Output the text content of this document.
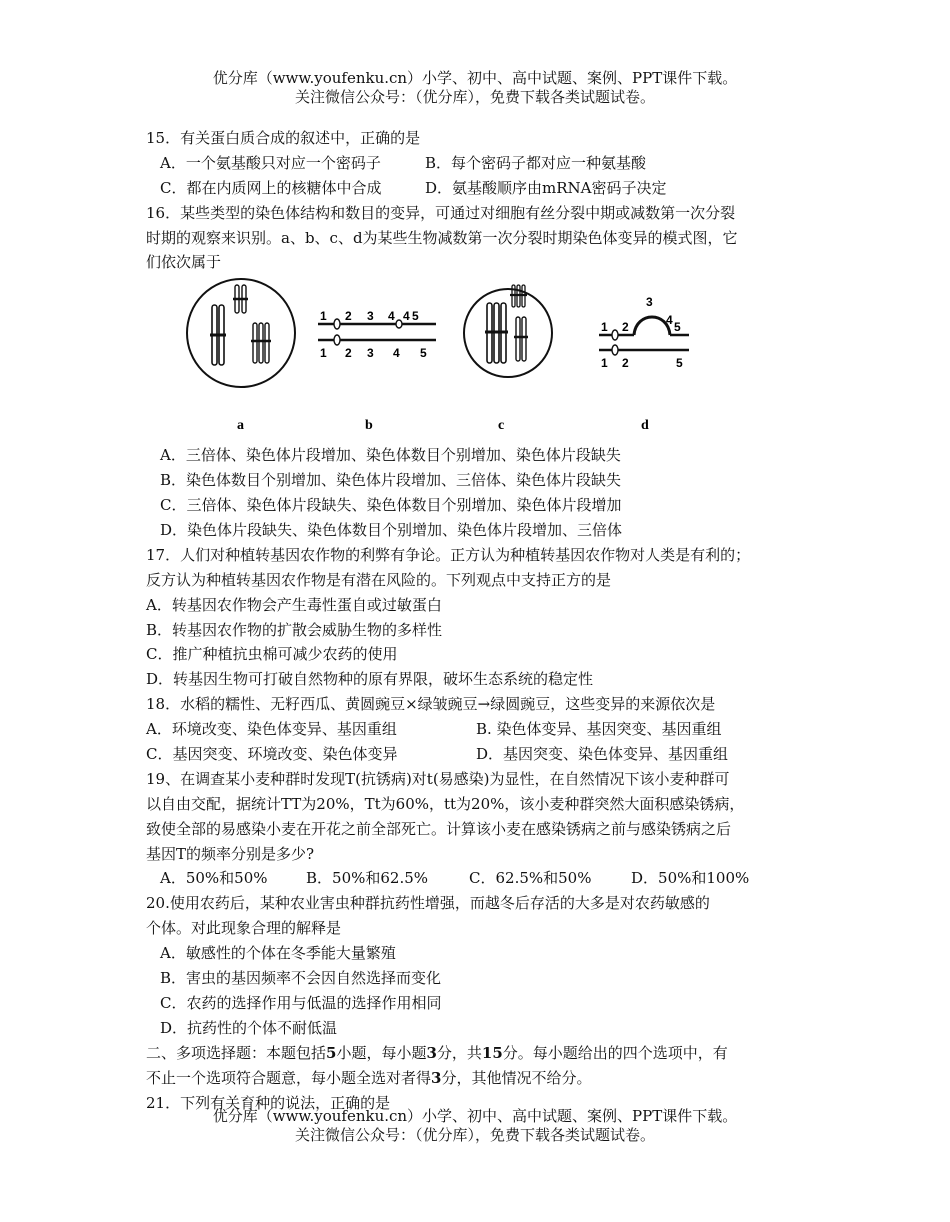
优分库（www.youfenku.cn）小学、初中、高中试题、案例、PPT课件下载。
关注微信公众号：（优分库），免费下载各类试题试卷。
15．有关蛋白质合成的叙述中，正确的是
A．一个氨基酸只对应一个密码子	B．每个密码子都对应一种氨基酸
C．都在内质网上的核糖体中合成	D．氨基酸顺序由mRNA密码子决定
16．某些类型的染色体结构和数目的变异，可通过对细胞有丝分裂中期或减数第一次分裂
时期的观察来识别。a、b、c、d为某些生物减数第一次分裂时期染色体变异的模式图，它
们依次属于
a
1 2 3 4 4 5
1 2 3 4 5
b	c
1 2
3
4 5
1 2	5
d
A．三倍体、染色体片段增加、染色体数目个别增加、染色体片段缺失
B．染色体数目个别增加、染色体片段增加、三倍体、染色体片段缺失
C．三倍体、染色体片段缺失、染色体数目个别增加、染色体片段增加
D．染色体片段缺失、染色体数目个别增加、染色体片段增加、三倍体
17．人们对种植转基因农作物的利弊有争论。正方认为种植转基因农作物对人类是有利的；
反方认为种植转基因农作物是有潜在风险的。下列观点中支持正方的是
A．转基因农作物会产生毒性蛋自或过敏蛋白
B．转基因农作物的扩散会威胁生物的多样性
C．推广种植抗虫棉可减少农药的使用
D．转基因生物可打破自然物种的原有界限，破坏生态系统的稳定性
18．水稻的糯性、无籽西瓜、黄圆豌豆×绿皱豌豆→绿圆豌豆，这些变异的来源依次是
A．环境改变、染色体变异、基因重组	B. 染色体变异、基因突变、基因重组
C．基因突变、环境改变、染色体变异	D．基因突变、染色体变异、基因重组
19、在调查某小麦种群时发现T(抗锈病)对t(易感染)为显性，在自然情况下该小麦种群可
以自由交配，据统计TT为20%，Tt为60%，tt为20%，该小麦种群突然大面积感染锈病，
致使全部的易感染小麦在开花之前全部死亡。计算该小麦在感染锈病之前与感染锈病之后
基因T的频率分别是多少?
A．50%和50%	B．50%和62.5%	C．62.5%和50%	D．50%和100%
20.使用农药后，某种农业害虫种群抗药性增强，而越冬后存活的大多是对农药敏感的
个体。对此现象合理的解释是
A．敏感性的个体在冬季能大量繁殖
B．害虫的基因频率不会因自然选择而变化
C．农药的选择作用与低温的选择作用相同
D．抗药性的个体不耐低温
二、多项选择题：本题包括5小题，每小题3分，共15分。每小题给出的四个选项中，有
不止一个选项符合题意，每小题全选对者得3分，其他情况不给分。
21．下列有关育种的说法，正确的是
优分库（www.youfenku.cn）小学、初中、高中试题、案例、PPT课件下载。
关注微信公众号：（优分库），免费下载各类试题试卷。
